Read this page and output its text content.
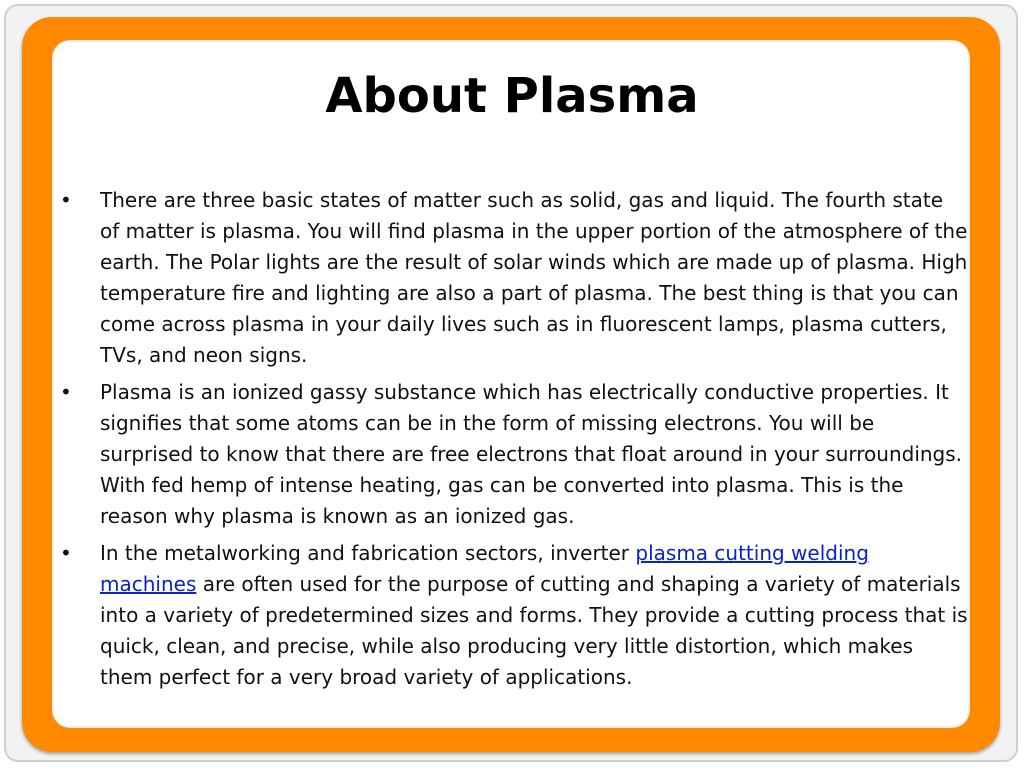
About Plasma
•	There are three basic states of matter such as solid, gas and liquid. The fourth state of matter is plasma. You will find plasma in the upper portion of the atmosphere of the earth. The Polar lights are the result of solar winds which are made up of plasma. High temperature fire and lighting are also a part of plasma. The best thing is that you can come across plasma in your daily lives such as in fluorescent lamps, plasma cutters, TVs, and neon signs.
•	Plasma is an ionized gassy substance which has electrically conductive properties. It signifies that some atoms can be in the form of missing electrons. You will be surprised to know that there are free electrons that float around in your surroundings. With fed hemp of intense heating, gas can be converted into plasma. This is the reason why plasma is known as an ionized gas.
•	In the metalworking and fabrication sectors, inverter plasma cutting welding machines are often used for the purpose of cutting and shaping a variety of materials into a variety of predetermined sizes and forms. They provide a cutting process that is quick, clean, and precise, while also producing very little distortion, which makes them perfect for a very broad variety of applications.
